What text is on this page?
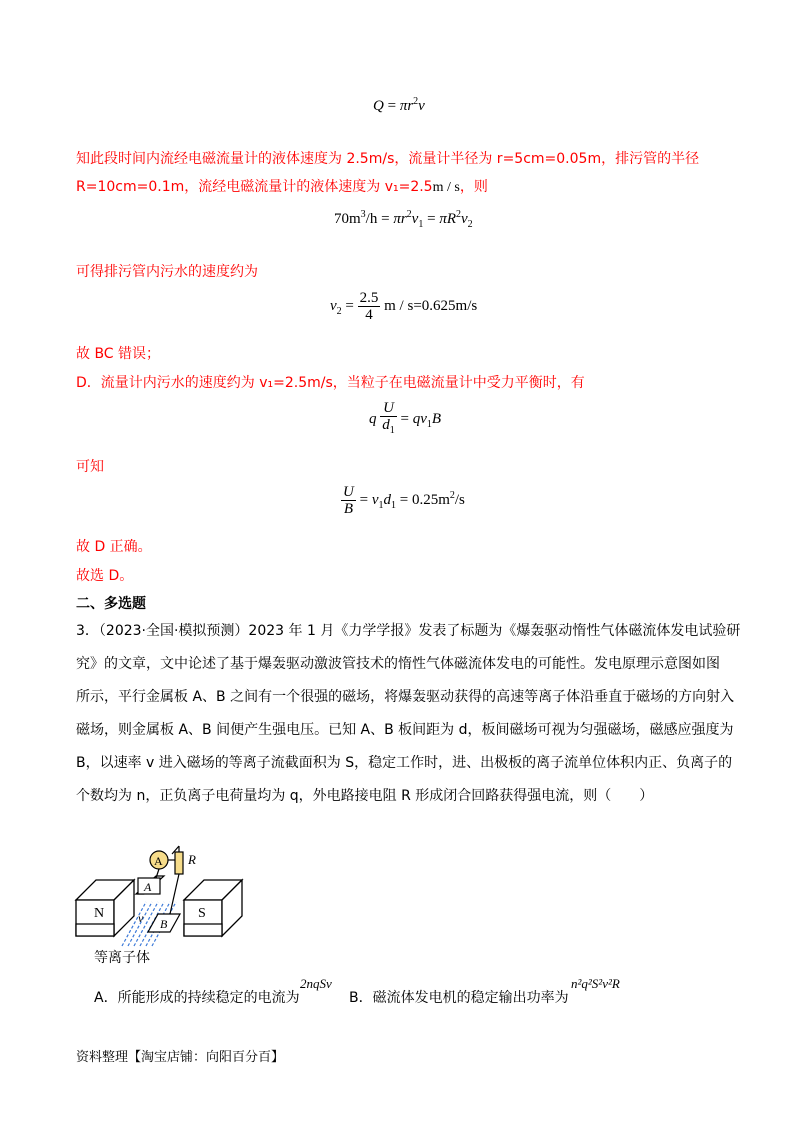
$Q = \pi r^2v$
知此段时间内流经电磁流量计的液体速度为 2.5m/s，流量计半径为 r=5cm=0.05m，排污管的半径
R=10cm=0.1m，流经电磁流量计的液体速度为 v₁=2.5m / s，则
$70m^3/h = \pi r^2v_1 = \pi R^2v_2$
可得排污管内污水的速度约为
$v_2 = \frac{2.5}{4}$ m / s=0.625m/s
故 BC 错误；
D．流量计内污水的速度约为 v₁=2.5m/s，当粒子在电磁流量计中受力平衡时，有
q $\frac{U}{d_1} = qv_1B$
可知
$\frac{U}{B} = v_1d_1 = 0.25m^2/s$
故 D 正确。
故选 D。
二、多选题
3．（2023·全国·模拟预测）2023 年 1 月《力学学报》发表了标题为《爆轰驱动惰性气体磁流体发电试验研
究》的文章，文中论述了基于爆轰驱动激波管技术的惰性气体磁流体发电的可能性。发电原理示意图如图
所示，平行金属板 A、B 之间有一个很强的磁场，将爆轰驱动获得的高速等离子体沿垂直于磁场的方向射入
磁场，则金属板 A、B 间便产生强电压。已知 A、B 板间距为 d，板间磁场可视为匀强磁场，磁感应强度为
B，以速率 v 进入磁场的等离子流截面积为 S，稳定工作时，进、出极板的离子流单位体积内正、负离子的
个数均为 n，正负离子电荷量均为 q，外电路接电阻 R 形成闭合回路获得强电流，则（　　）
N	S
A
B
v
A R
等离子体
A．所能形成的持续稳定的电流为
2nqSv
B．磁流体发电机的稳定输出功率为
n²q²S²v²R
资料整理【淘宝店铺：向阳百分百】
